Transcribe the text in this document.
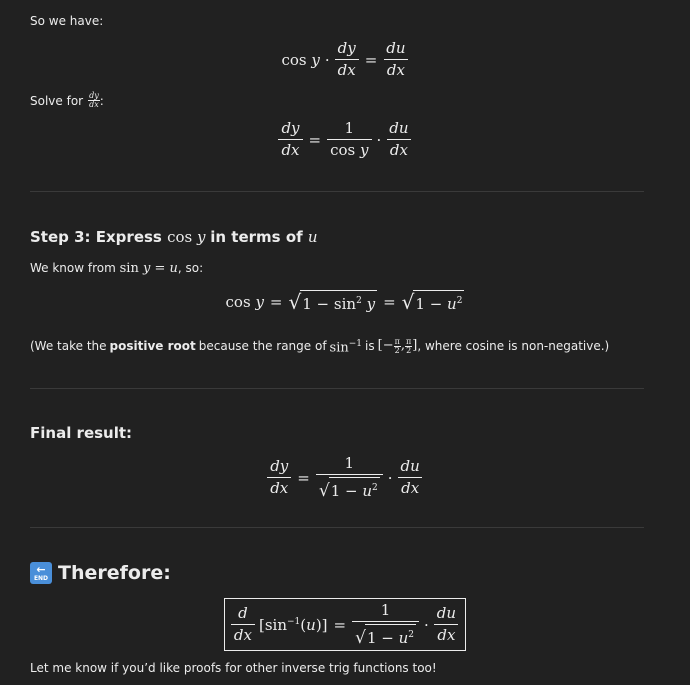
So we have:
$\cos y \cdot \frac{dy}{dx} = \frac{du}{dx}$
Solve for $\frac{dy}{dx}$ :
$\frac{dy}{dx} = \frac{1}{\text{cos y}} \cdot \frac{du}{dx}$
Step 3: Express cos y in terms of u
We know from sin y = u, so:
cos y = √ $1 - \sin^2 y$ = √ $1 - u^2$
(We take the positive root because the range of $\sin^{-1}$ is [− $\frac{\pi}{2}$ , $\frac{\pi}{2}$ ] , where cosine is non-negative.)
Final result:
$\frac{dy}{dx} = \frac{1}{√ 1 - u^2} \cdot \frac{du}{dx}$
←
END Therefore:
$\frac{d}{dx} [\sin^{-1}(u)] = \frac{1}{√ 1 - u^2} \cdot \frac{du}{dx}$
Let me know if you’d like proofs for other inverse trig functions too!
